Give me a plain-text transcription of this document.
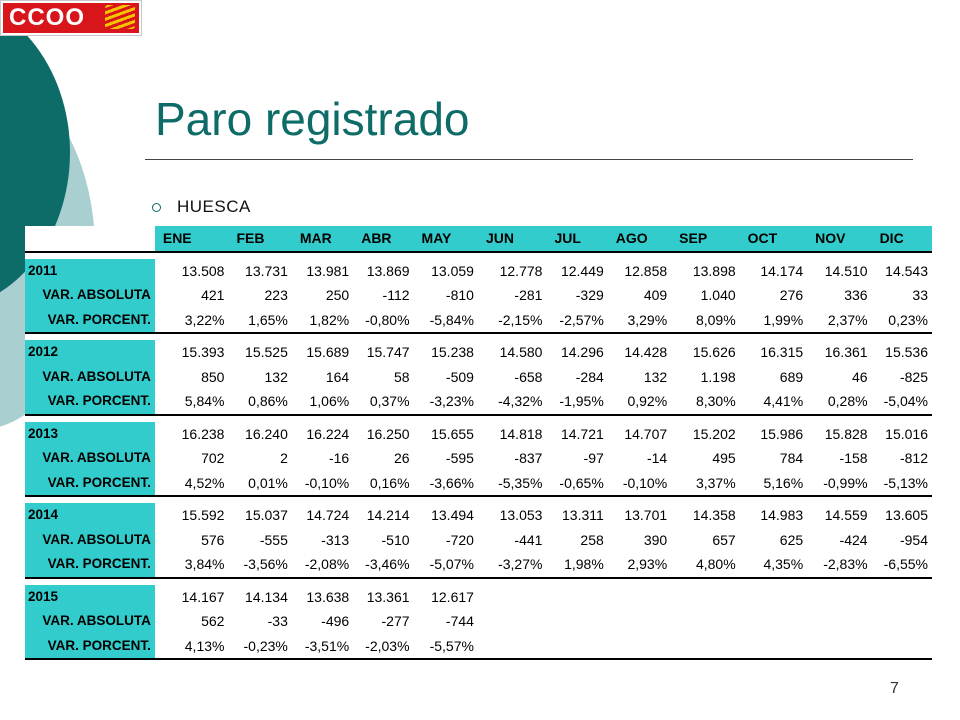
CCOO
Paro registrado
HUESCA
	ENE	FEB	MAR	ABR	MAY	JUN	JUL	AGO	SEP	OCT	NOV	DIC

2011	13.508	13.731	13.981	13.869	13.059	12.778	12.449	12.858	13.898	14.174	14.510	14.543
VAR. ABSOLUTA	421	223	250	-112	-810	-281	-329	409	1.040	276	336	33
VAR. PORCENT.	3,22%	1,65%	1,82%	-0,80%	-5,84%	-2,15%	-2,57%	3,29%	8,09%	1,99%	2,37%	0,23%

2012	15.393	15.525	15.689	15.747	15.238	14.580	14.296	14.428	15.626	16.315	16.361	15.536
VAR. ABSOLUTA	850	132	164	58	-509	-658	-284	132	1.198	689	46	-825
VAR. PORCENT.	5,84%	0,86%	1,06%	0,37%	-3,23%	-4,32%	-1,95%	0,92%	8,30%	4,41%	0,28%	-5,04%

2013	16.238	16.240	16.224	16.250	15.655	14.818	14.721	14.707	15.202	15.986	15.828	15.016
VAR. ABSOLUTA	702	2	-16	26	-595	-837	-97	-14	495	784	-158	-812
VAR. PORCENT.	4,52%	0,01%	-0,10%	0,16%	-3,66%	-5,35%	-0,65%	-0,10%	3,37%	5,16%	-0,99%	-5,13%

2014	15.592	15.037	14.724	14.214	13.494	13.053	13.311	13.701	14.358	14.983	14.559	13.605
VAR. ABSOLUTA	576	-555	-313	-510	-720	-441	258	390	657	625	-424	-954
VAR. PORCENT.	3,84%	-3,56%	-2,08%	-3,46%	-5,07%	-3,27%	1,98%	2,93%	4,80%	4,35%	-2,83%	-6,55%

2015	14.167	14.134	13.638	13.361	12.617							
VAR. ABSOLUTA	562	-33	-496	-277	-744							
VAR. PORCENT.	4,13%	-0,23%	-3,51%	-2,03%	-5,57%							
7
